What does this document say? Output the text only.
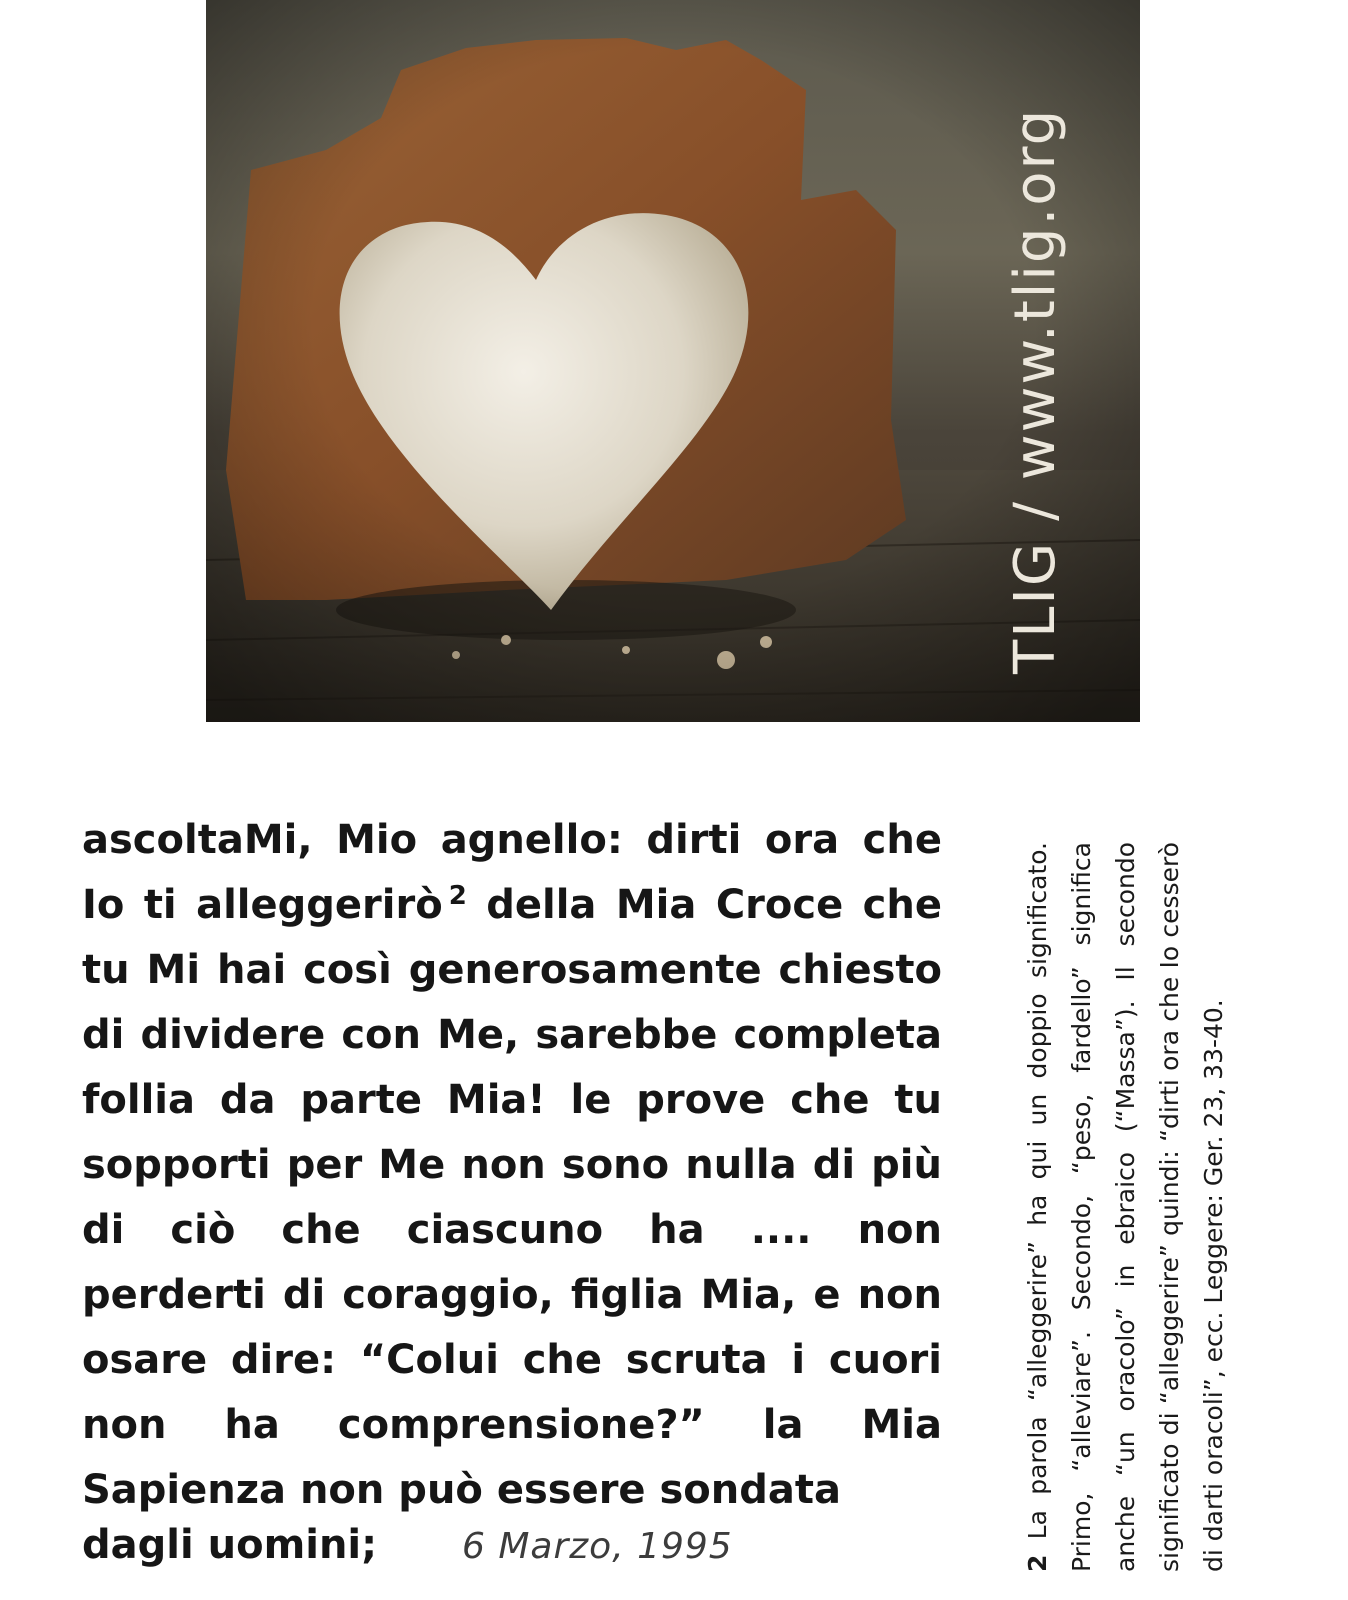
TLIG / www.tlig.org
ascoltaMi, Mio agnello: dirti ora che Io ti alleggerirò $^2$ della Mia Croce che tu Mi hai così generosamente chiesto di dividere con Me, sarebbe completa follia da parte Mia! le prove che tu sopporti per Me non sono nulla di più di ciò che ciascuno ha .... non perderti di coraggio, figlia Mia, e non osare dire: “Colui che scruta i cuori non ha comprensione?” la Mia Sapienza non può essere sondata
dagli uomini; 6 Marzo, 1995	2 La parola “alleggerire” ha qui un doppio significato. Primo, “alleviare”. Secondo, “peso, fardello” significa anche “un oracolo” in ebraico (“Massa”). Il secondo significato di “alleggerire” quindi: “dirti ora che Io cesserò di darti oracoli”, ecc. Leggere: Ger. 23, 33-40.
